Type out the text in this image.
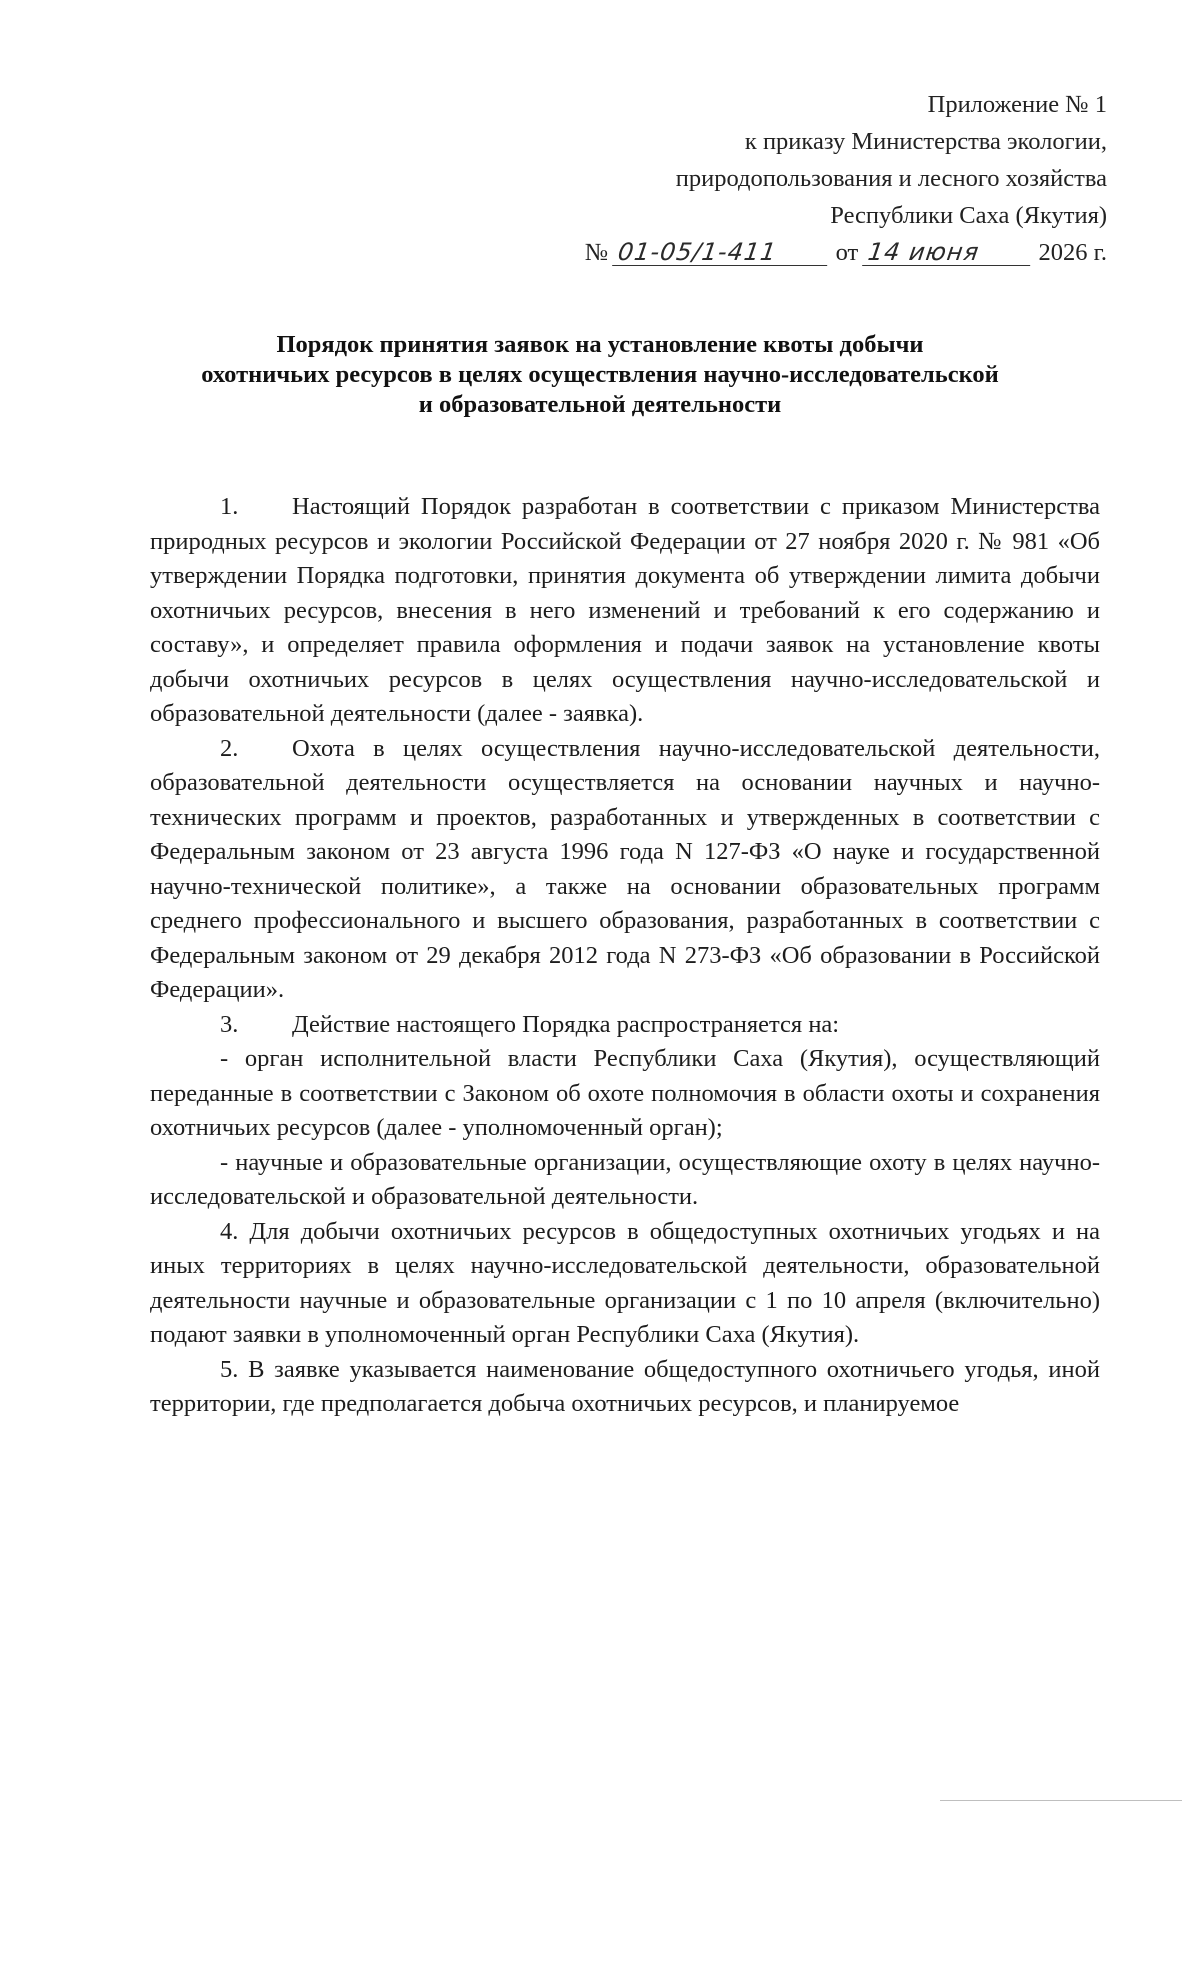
Приложение № 1
к приказу Министерства экологии,
природопользования и лесного хозяйства
Республики Саха (Якутия)
№ 01-05/1-411 от 14 июня 2026 г.
Порядок принятия заявок на установление квоты добычи
охотничьих ресурсов в целях осуществления научно-исследовательской
и образовательной деятельности

1. Настоящий Порядок разработан в соответствии с приказом Министерства природных ресурсов и экологии Российской Федерации от 27 ноября 2020 г. № 981 «Об утверждении Порядка подготовки, принятия документа об утверждении лимита добычи охотничьих ресурсов, внесения в него изменений и требований к его содержанию и составу», и определяет правила оформления и подачи заявок на установление квоты добычи охотничьих ресурсов в целях осуществления научно-исследовательской и образовательной деятельности (далее - заявка).

2. Охота в целях осуществления научно-исследовательской деятельности, образовательной деятельности осуществляется на основании научных и научно-технических программ и проектов, разработанных и утвержденных в соответствии с Федеральным законом от 23 августа 1996 года N 127-ФЗ «О науке и государственной научно-технической политике», а также на основании образовательных программ среднего профессионального и высшего образования, разработанных в соответствии с Федеральным законом от 29 декабря 2012 года N 273-ФЗ «Об образовании в Российской Федерации».

3. Действие настоящего Порядка распространяется на:

- орган исполнительной власти Республики Саха (Якутия), осуществляющий переданные в соответствии с Законом об охоте полномочия в области охоты и сохранения охотничьих ресурсов (далее - уполномоченный орган);

- научные и образовательные организации, осуществляющие охоту в целях научно-исследовательской и образовательной деятельности.

4. Для добычи охотничьих ресурсов в общедоступных охотничьих угодьях и на иных территориях в целях научно-исследовательской деятельности, образовательной деятельности научные и образовательные организации с 1 по 10 апреля (включительно) подают заявки в уполномоченный орган Республики Саха (Якутия).

5. В заявке указывается наименование общедоступного охотничьего угодья, иной территории, где предполагается добыча охотничьих ресурсов, и планируемое
